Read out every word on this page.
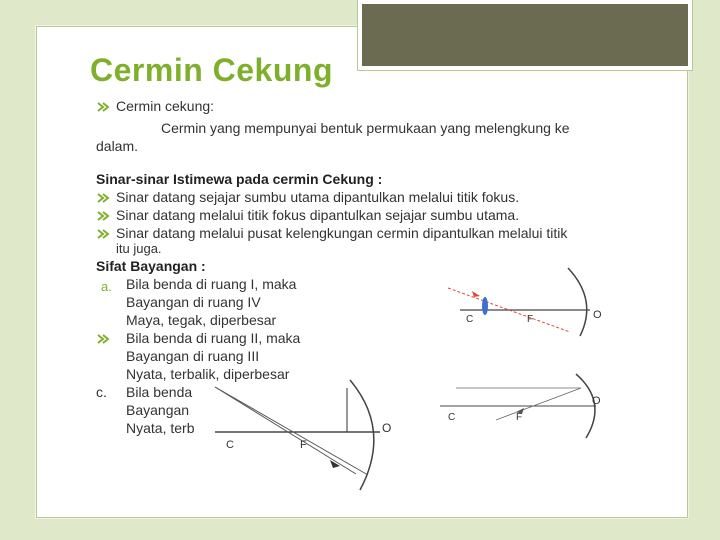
Cermin Cekung
Cermin cekung:
Cermin yang mempunyai bentuk permukaan yang melengkung ke
dalam.
Sinar-sinar Istimewa pada cermin Cekung :
Sinar datang sejajar sumbu utama dipantulkan melalui titik fokus.
Sinar datang melalui titik fokus dipantulkan sejajar sumbu utama.
Sinar datang melalui pusat kelengkungan cermin dipantulkan melalui titik
itu juga.
Sifat Bayangan :
a. Bila benda di ruang I, maka
Bayangan di ruang IV
Maya, tegak, diperbesar
Bila benda di ruang II, maka
Bayangan di ruang III
Nyata, terbalik, diperbesar
c. Bila benda
Bayangan
Nyata, terb
C	F	O
C	F
O
C	F
O
